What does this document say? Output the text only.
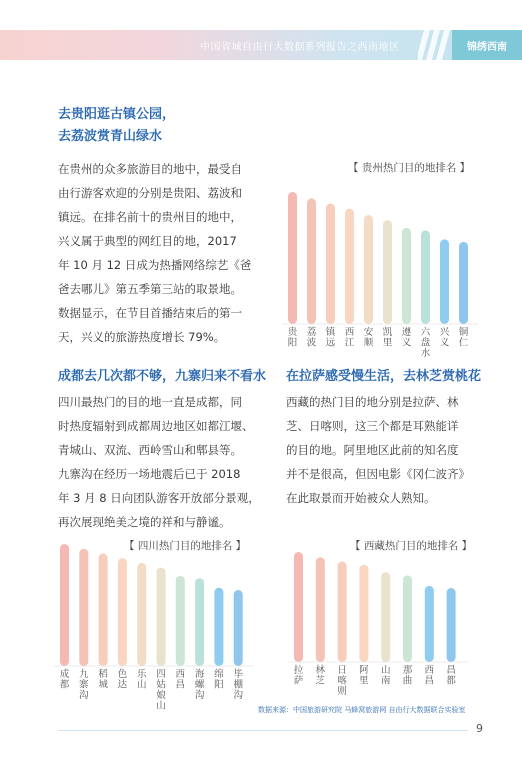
中国省域自由行大数据系列报告之西南地区	锦绣西南
去贵阳逛古镇公园，
去荔波赏青山绿水
在贵州的众多旅游目的地中，最受自
由行游客欢迎的分别是贵阳、荔波和
镇远。在排名前十的贵州目的地中，
兴义属于典型的网红目的地，2017
年 10 月 12 日成为热播网络综艺《爸
爸去哪儿》第五季第三站的取景地。
数据显示，在节目首播结束后的第一
天，兴义的旅游热度增长 79%。
【 贵州热门目的地排名 】
贵阳
荔波
镇远
西江
安顺
凯里
遵义
六盘水
兴义
铜仁
成都去几次都不够，九寨归来不看水
四川最热门的目的地一直是成都，同
时热度辐射到成都周边地区如都江堰、
青城山、双流、西岭雪山和郫县等。
九寨沟在经历一场地震后已于 2018
年 3 月 8 日向团队游客开放部分景观，
再次展现绝美之境的祥和与静谧。
在拉萨感受慢生活，去林芝赏桃花
西藏的热门目的地分别是拉萨、林
芝、日喀则，这三个都是耳熟能详
的目的地。阿里地区此前的知名度
并不是很高，但因电影《冈仁波齐》
在此取景而开始被众人熟知。
【 四川热门目的地排名 】
成都
九寨沟
稻城
色达
乐山
四姑娘山
西昌
海螺沟
绵阳
毕棚沟
【 西藏热门目的地排名 】
拉萨
林芝
日喀则
阿里
山南
那曲
西昌
昌都
数据来源：中国旅游研究院 马蜂窝旅游网 自由行大数据联合实验室
9
